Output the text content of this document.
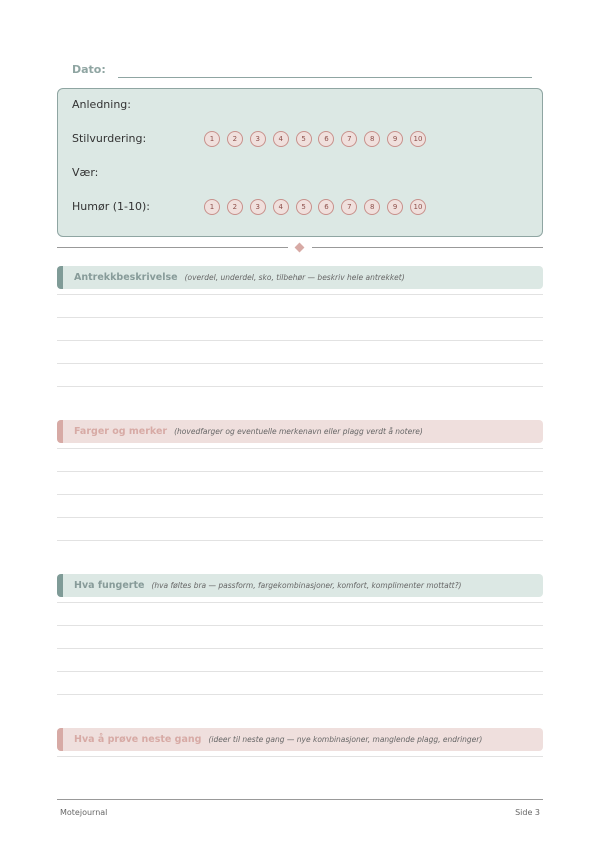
Dato:
Anledning:
Stilvurdering:	1	2	3	4	5	6	7	8	9	10
Vær:
Humør (1-10):	1	2	3	4	5	6	7	8	9	10
Antrekkbeskrivelse (overdel, underdel, sko, tilbehør — beskriv hele antrekket)
Farger og merker (hovedfarger og eventuelle merkenavn eller plagg verdt å notere)
Hva fungerte (hva føltes bra — passform, fargekombinasjoner, komfort, komplimenter mottatt?)
Hva å prøve neste gang (ideer til neste gang — nye kombinasjoner, manglende plagg, endringer)
Motejournal	Side 3
